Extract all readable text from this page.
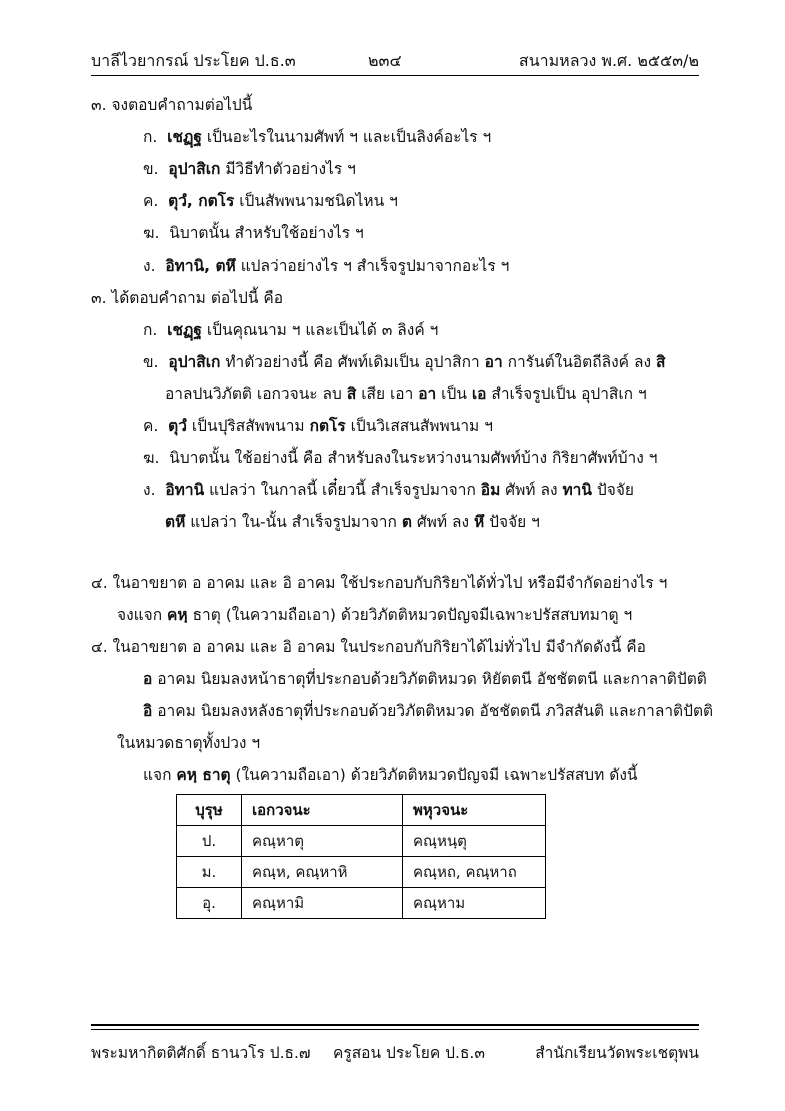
บาลีไวยากรณ์ ประโยค ป.ธ.๓	๒๓๔	สนามหลวง พ.ศ. ๒๕๕๓/๒
๓. จงตอบคำถามต่อไปนี้
ก. เชฏฺฐ เป็นอะไรในนามศัพท์ ฯ และเป็นลิงค์อะไร ฯ
ข. อุปาสิเก มีวิธีทำตัวอย่างไร ฯ
ค. ตุวํ, กตโร เป็นสัพพนามชนิดไหน ฯ
ฆ. นิบาตนั้น สำหรับใช้อย่างไร ฯ
ง. อิทานิ, ตหึ แปลว่าอย่างไร ฯ สำเร็จรูปมาจากอะไร ฯ
๓. ได้ตอบคำถาม ต่อไปนี้ คือ
ก. เชฏฺฐ เป็นคุณนาม ฯ และเป็นได้ ๓ ลิงค์ ฯ
ข. อุปาสิเก ทำตัวอย่างนี้ คือ ศัพท์เดิมเป็น อุปาสิกา อา การันต์ในอิตถีลิงค์ ลง สิ
อาลปนวิภัตติ เอกวจนะ ลบ สิ เสีย เอา อา เป็น เอ สำเร็จรูปเป็น อุปาสิเก ฯ
ค. ตุวํ เป็นปุริสสัพพนาม กตโร เป็นวิเสสนสัพพนาม ฯ
ฆ. นิบาตนั้น ใช้อย่างนี้ คือ สำหรับลงในระหว่างนามศัพท์บ้าง กิริยาศัพท์บ้าง ฯ
ง. อิทานิ แปลว่า ในกาลนี้ เดี๋ยวนี้ สำเร็จรูปมาจาก อิม ศัพท์ ลง ทานิ ปัจจัย
ตหึ แปลว่า ใน-นั้น สำเร็จรูปมาจาก ต ศัพท์ ลง หึ ปัจจัย ฯ
๔. ในอาขยาต อ อาคม และ อิ อาคม ใช้ประกอบกับกิริยาได้ทั่วไป หรือมีจำกัดอย่างไร ฯ
จงแจก คหฺ ธาตุ (ในความถือเอา) ด้วยวิภัตติหมวดปัญจมีเฉพาะปรัสสบทมาตู ฯ
๔. ในอาขยาต อ อาคม และ อิ อาคม ในประกอบกับกิริยาได้ไม่ทั่วไป มีจำกัดดังนี้ คือ
อ อาคม นิยมลงหน้าธาตุที่ประกอบด้วยวิภัตติหมวด หิยัตตนี อัชชัตตนี และกาลาติปัตติ
อิ อาคม นิยมลงหลังธาตุที่ประกอบด้วยวิภัตติหมวด อัชชัตตนี ภวิสสันติ และกาลาติปัตติ
ในหมวดธาตุทั้งปวง ฯ
แจก คหฺ ธาตุ (ในความถือเอา) ด้วยวิภัตติหมวดปัญจมี เฉพาะปรัสสบท ดังนี้
บุรุษ	เอกวจนะ	พหุวจนะ
ป.	คณฺหาตุ	คณฺหนฺตุ
ม.	คณฺห, คณฺหาหิ	คณฺหถ, คณฺหาถ
อุ.	คณฺหามิ	คณฺหาม
พระมหากิตติศักดิ์ ธานวโร ป.ธ.๗ ครูสอน ประโยค ป.ธ.๓	สำนักเรียนวัดพระเชตุพน
